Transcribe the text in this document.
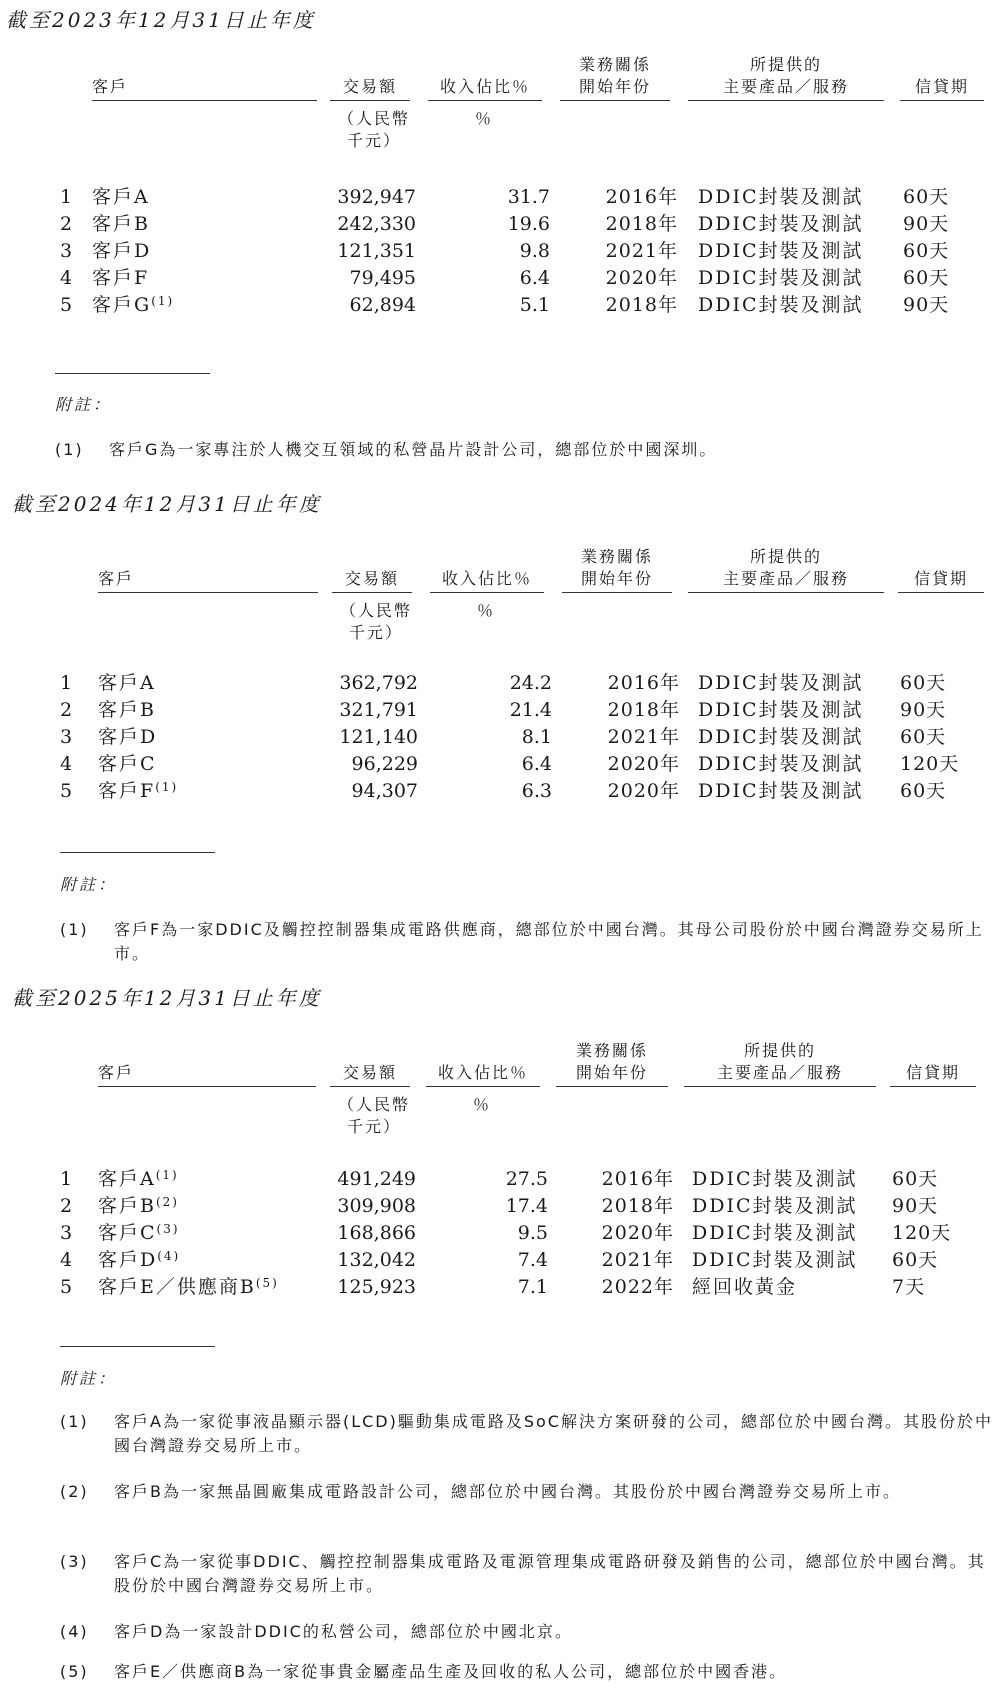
截至2023年12月31日止年度
客戶	交易額	收入佔比％
業務關係
開始年份
所提供的
主要產品／服務	信貸期
（人民幣千元）
％
1	客戶A	392,947	31.7	2016年 DDIC封裝及測試 60天
2	客戶B	242,330	19.6	2018年 DDIC封裝及測試 90天
3	客戶D	121,351	9.8	2021年 DDIC封裝及測試 60天
4	客戶F	79,495	6.4	2020年 DDIC封裝及測試 60天
5	客戶$G^{(1)}$	62,894	5.1	2018年 DDIC封裝及測試 90天
附註：
(1) 客戶G為一家專注於人機交互領域的私營晶片設計公司，總部位於中國深圳。
截至2024年12月31日止年度
客戶	交易額	收入佔比％
業務關係
開始年份
所提供的
主要產品／服務	信貸期
（人民幣千元）
％
1	客戶A	362,792	24.2	2016年 DDIC封裝及測試 60天
2	客戶B	321,791	21.4	2018年 DDIC封裝及測試 90天
3	客戶D	121,140	8.1	2021年 DDIC封裝及測試 60天
4	客戶C	96,229	6.4	2020年 DDIC封裝及測試 120天
5	客戶$F^{(1)}$	94,307	6.3	2020年 DDIC封裝及測試 60天
附註：
(1) 客戶F為一家DDIC及觸控控制器集成電路供應商，總部位於中國台灣。其母公司股份於中國台灣證券交易所上市。
截至2025年12月31日止年度
客戶	交易額	收入佔比％
業務關係
開始年份
所提供的
主要產品／服務	信貸期
（人民幣千元）
％
1	客戶$A^{(1)}$	491,249	27.5	2016年 DDIC封裝及測試 60天
2	客戶$B^{(2)}$	309,908	17.4	2018年 DDIC封裝及測試 90天
3	客戶$C^{(3)}$	168,866	9.5	2020年 DDIC封裝及測試 120天
4	客戶$D^{(4)}$	132,042	7.4	2021年 DDIC封裝及測試 60天
5	客戶E／供應商$B^{(5)}$	125,923	7.1	2022年 經回收黃金	7天
附註：
(1) 客戶A為一家從事液晶顯示器(LCD)驅動集成電路及SoC解決方案研發的公司，總部位於中國台灣。其股份於中國台灣證券交易所上市。
(2) 客戶B為一家無晶圓廠集成電路設計公司，總部位於中國台灣。其股份於中國台灣證券交易所上市。
(3) 客戶C為一家從事DDIC、觸控控制器集成電路及電源管理集成電路研發及銷售的公司，總部位於中國台灣。其股份於中國台灣證券交易所上市。
(4) 客戶D為一家設計DDIC的私營公司，總部位於中國北京。
(5) 客戶E／供應商B為一家從事貴金屬產品生產及回收的私人公司，總部位於中國香港。
